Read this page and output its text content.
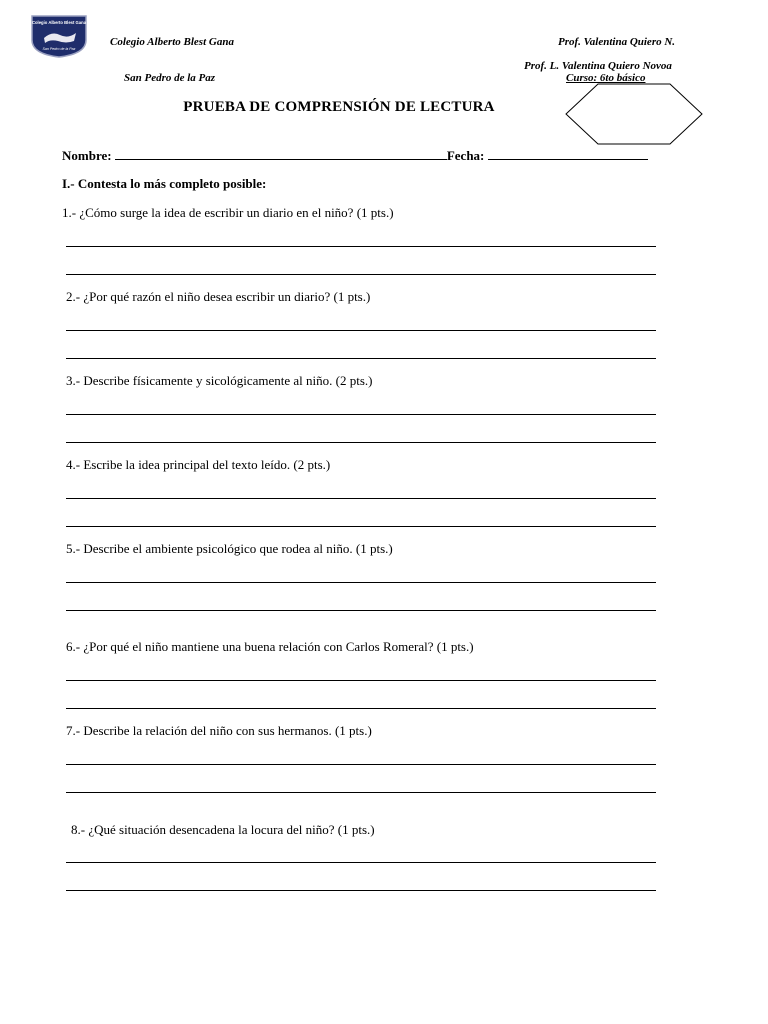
Colegio Alberto Blest Gana
San Pedro de la Paz
Colegio Alberto Blest Gana	Prof. Valentina Quiero N.
Prof. L. Valentina Quiero Novoa
San Pedro de la Paz	Curso: 6to básico
PRUEBA DE COMPRENSIÓN DE LECTURA
Nombre:	Fecha:
I.- Contesta lo más completo posible:
1.- ¿Cómo surge la idea de escribir un diario en el niño? (1 pts.)
2.- ¿Por qué razón el niño desea escribir un diario? (1 pts.)
3.- Describe físicamente y sicológicamente al niño. (2 pts.)
4.- Escribe la idea principal del texto leído. (2 pts.)
5.- Describe el ambiente psicológico que rodea al niño. (1 pts.)
6.- ¿Por qué el niño mantiene una buena relación con Carlos Romeral? (1 pts.)
7.- Describe la relación del niño con sus hermanos. (1 pts.)
8.- ¿Qué situación desencadena la locura del niño? (1 pts.)
